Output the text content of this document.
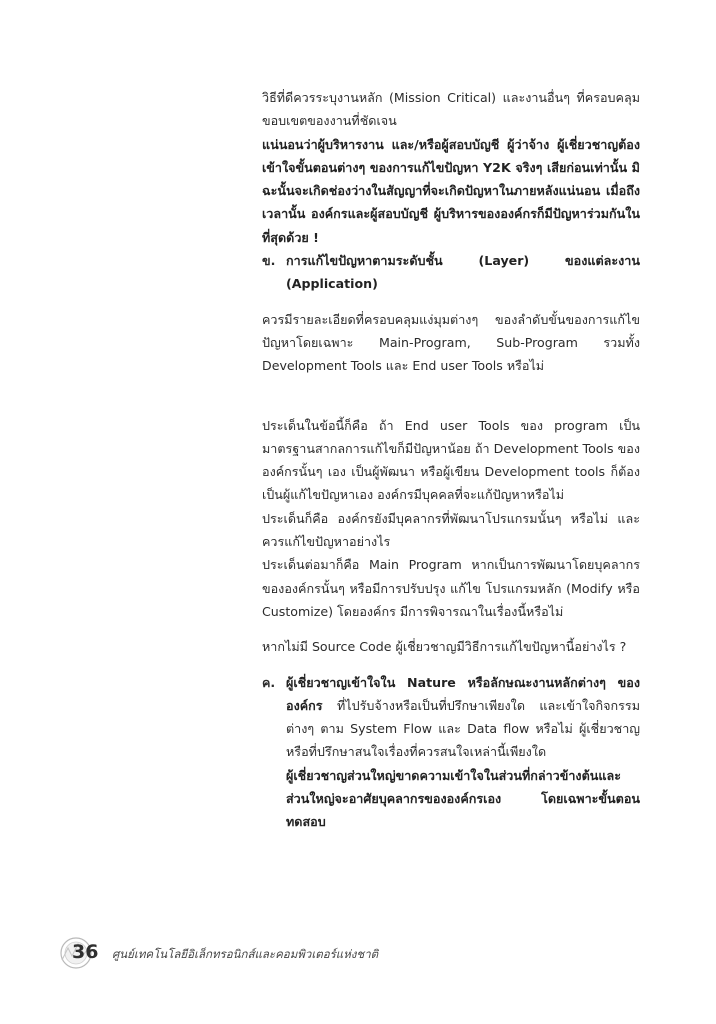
วิธีที่ดีควรระบุงานหลัก (Mission Critical) และงานอื่นๆ ที่ครอบคลุมขอบเขตของงานที่ชัดเจน

แน่นอนว่าผู้บริหารงาน และ/หรือผู้สอบบัญชี ผู้ว่าจ้าง ผู้เชี่ยวชาญต้องเข้าใจขั้นตอนต่างๆ ของการแก้ไขปัญหา Y2K จริงๆ เสียก่อนเท่านั้น มิฉะนั้นจะเกิดช่องว่างในสัญญาที่จะเกิดปัญหาในภายหลังแน่นอน เมื่อถึงเวลานั้น องค์กรและผู้สอบบัญชี ผู้บริหารขององค์กรก็มีปัญหาร่วมกันในที่สุดด้วย !

ข. การแก้ไขปัญหาตามระดับชั้น (Layer) ของแต่ละงาน (Application)

ควรมีรายละเอียดที่ครอบคลุมแง่มุมต่างๆ ของลำดับขั้นของการแก้ไขปัญหาโดยเฉพาะ Main-Program, Sub-Program รวมทั้ง Development Tools และ End user Tools หรือไม่

ประเด็นในข้อนี้ก็คือ ถ้า End user Tools ของ program เป็นมาตรฐานสากลการแก้ไขก็มีปัญหาน้อย ถ้า Development Tools ขององค์กรนั้นๆ เอง เป็นผู้พัฒนา หรือผู้เขียน Development tools ก็ต้องเป็นผู้แก้ไขปัญหาเอง องค์กรมีบุคคลที่จะแก้ปัญหาหรือไม่

ประเด็นก็คือ องค์กรยังมีบุคลากรที่พัฒนาโปรแกรมนั้นๆ หรือไม่ และควรแก้ไขปัญหาอย่างไร

ประเด็นต่อมาก็คือ Main Program หากเป็นการพัฒนาโดยบุคลากรขององค์กรนั้นๆ หรือมีการปรับปรุง แก้ไข โปรแกรมหลัก (Modify หรือ Customize) โดยองค์กร มีการพิจารณาในเรื่องนี้หรือไม่

หากไม่มี Source Code ผู้เชี่ยวชาญมีวิธีการแก้ไขปัญหานี้อย่างไร ?

ค. ผู้เชี่ยวชาญเข้าใจใน Nature หรือลักษณะงานหลักต่างๆ ขององค์กร ที่ไปรับจ้างหรือเป็นที่ปรึกษาเพียงใด และเข้าใจกิจกรรมต่างๆ ตาม System Flow และ Data flow หรือไม่ ผู้เชี่ยวชาญหรือที่ปรึกษาสนใจเรื่องที่ควรสนใจเหล่านี้เพียงใด

ผู้เชี่ยวชาญส่วนใหญ่ขาดความเข้าใจในส่วนที่กล่าวข้างต้นและส่วนใหญ่จะอาศัยบุคลากรขององค์กรเอง โดยเฉพาะขั้นตอนทดสอบ

36 ศูนย์เทคโนโลยีอิเล็กทรอนิกส์และคอมพิวเตอร์แห่งชาติ
